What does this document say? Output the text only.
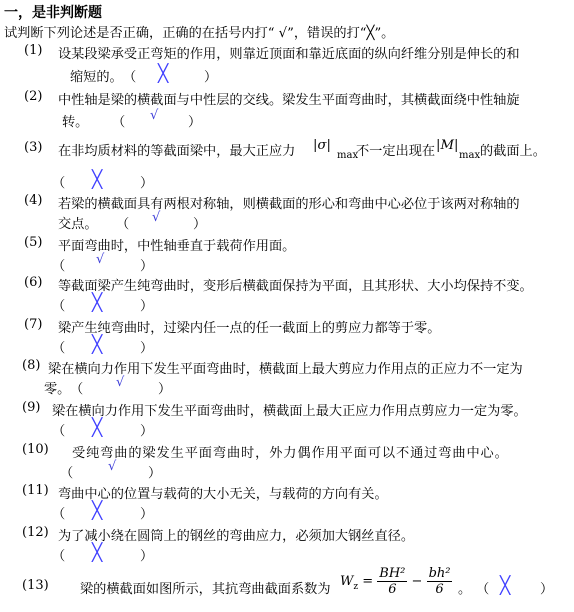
一，是非判断题
试判断下列论述是否正确，正确的在括号内打“ √”，错误的打“╳”。
(1) 设某段梁承受正弯矩的作用，则靠近顶面和靠近底面的纵向纤维分别是伸长的和
缩短的。 （ ╳	）
(2) 中性轴是梁的横截面与中性层的交线。梁发生平面弯曲时，其横截面绕中性轴旋
转。 （ √ ）
(3) 在非均质材料的等截面梁中，最大正应力 |σ|
max
不一定出现在 |M|
max 的截面上。
（ ╳	）
(4) 若梁的横截面具有两根对称轴，则横截面的形心和弯曲中心必位于该两对称轴的
交点。 （ √ ）
(5) 平面弯曲时，中性轴垂直于载荷作用面。
（ √	）
(6) 等截面梁产生纯弯曲时，变形后横截面保持为平面，且其形状、大小均保持不变。
（ ╳	）
(7) 梁产生纯弯曲时，过梁内任一点的任一截面上的剪应力都等于零。
（ ╳	）
(8) 梁在横向力作用下发生平面弯曲时，横截面上最大剪应力作用点的正应力不一定为
零。 （	√	）
(9) 梁在横向力作用下发生平面弯曲时，横截面上最大正应力作用点剪应力一定为零。
（ ╳	）
(10) 受纯弯曲的梁发生平面弯曲时，外力偶作用平面可以不通过弯曲中心。
（	√ ）
(11) 弯曲中心的位置与载荷的大小无关，与载荷的方向有关。
（ ╳	）
(12) 为了减小绕在圆筒上的钢丝的弯曲应力，必须加大钢丝直径。
（ ╳	）
(13) 梁的横截面如图所示，其抗弯曲截面系数为
$W_z = \frac{\text{BH²}}{6} - \frac{\text{bh²}}{6}$ 。 （ ╳ ）
